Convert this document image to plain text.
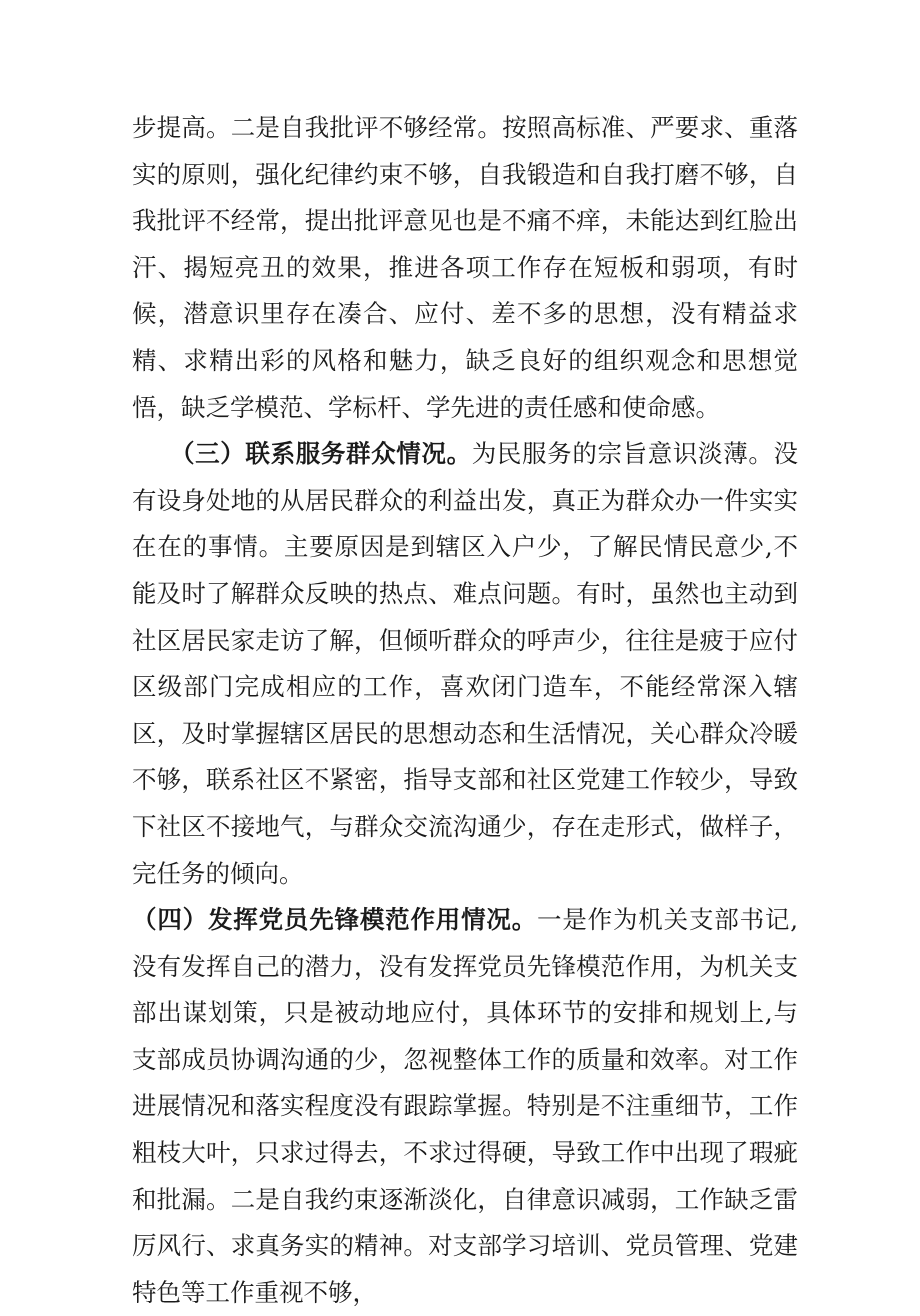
步提高。二是自我批评不够经常。按照高标准、严要求、重落实的原则，强化纪律约束不够，自我锻造和自我打磨不够，自我批评不经常，提出批评意见也是不痛不痒，未能达到红脸出汗、揭短亮丑的效果，推进各项工作存在短板和弱项，有时候，潜意识里存在凑合、应付、差不多的思想，没有精益求精、求精出彩的风格和魅力，缺乏良好的组织观念和思想觉悟，缺乏学模范、学标杆、学先进的责任感和使命感。

（三）联系服务群众情况。为民服务的宗旨意识淡薄。没有设身处地的从居民群众的利益出发，真正为群众办一件实实在在的事情。主要原因是到辖区入户少，了解民情民意少,不能及时了解群众反映的热点、难点问题。有时，虽然也主动到社区居民家走访了解，但倾听群众的呼声少，往往是疲于应付区级部门完成相应的工作，喜欢闭门造车，不能经常深入辖区，及时掌握辖区居民的思想动态和生活情况，关心群众冷暖不够，联系社区不紧密，指导支部和社区党建工作较少，导致下社区不接地气，与群众交流沟通少，存在走形式，做样子，完任务的倾向。

（四）发挥党员先锋模范作用情况。一是作为机关支部书记,没有发挥自己的潜力，没有发挥党员先锋模范作用，为机关支部出谋划策，只是被动地应付，具体环节的安排和规划上,与支部成员协调沟通的少，忽视整体工作的质量和效率。对工作进展情况和落实程度没有跟踪掌握。特别是不注重细节，工作粗枝大叶，只求过得去，不求过得硬，导致工作中出现了瑕疵和批漏。二是自我约束逐渐淡化，自律意识减弱，工作缺乏雷厉风行、求真务实的精神。对支部学习培训、党员管理、党建特色等工作重视不够，
